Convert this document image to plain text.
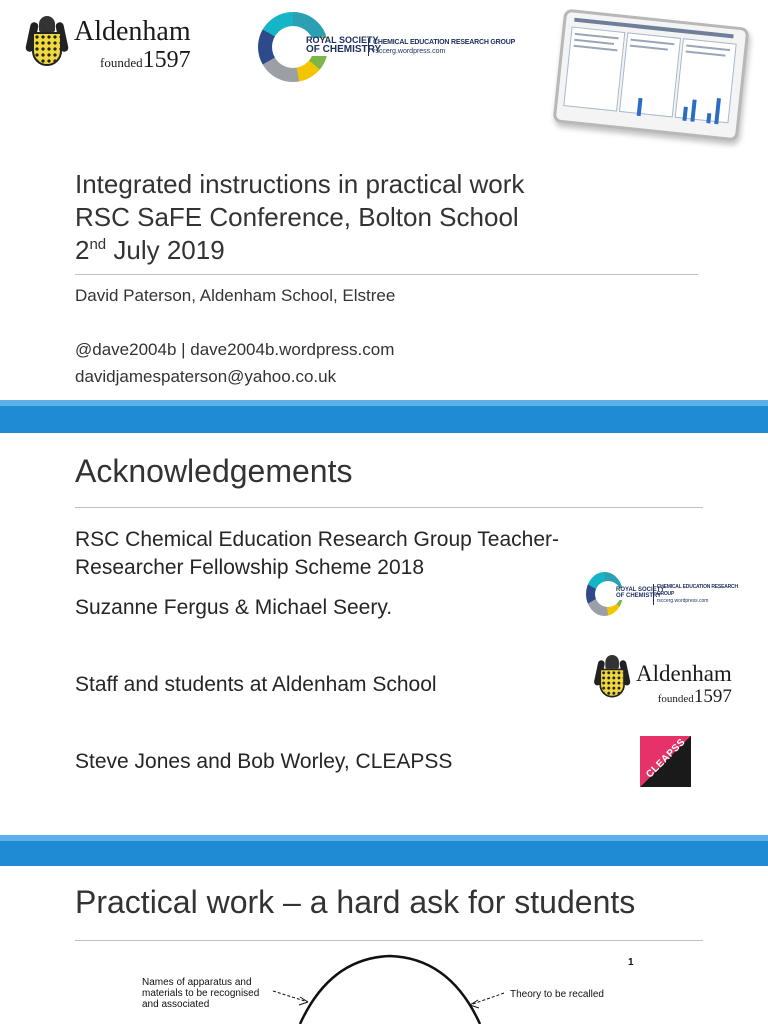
Aldenham
founded1597
ROYAL SOCIETY
OF CHEMISTRY
CHEMICAL EDUCATION RESEARCH GROUP
rsccerg.wordpress.com
Integrated instructions in practical work
RSC SaFE Conference, Bolton School
2nd July 2019
David Paterson, Aldenham School, Elstree
@dave2004b | dave2004b.wordpress.com
davidjamespaterson@yahoo.co.uk
Acknowledgements
RSC Chemical Education Research Group Teacher-
Researcher Fellowship Scheme 2018
Suzanne Fergus & Michael Seery.
Staff and students at Aldenham School
Steve Jones and Bob Worley, CLEAPSS
ROYAL SOCIETY
OF CHEMISTRY
CHEMICAL EDUCATION RESEARCH GROUP
rsccerg.wordpress.com
Aldenham
founded1597
CLEAPSS
Practical work – a hard ask for students
Names of apparatus and
materials to be recognised
and associated
Theory to be recalled
1
